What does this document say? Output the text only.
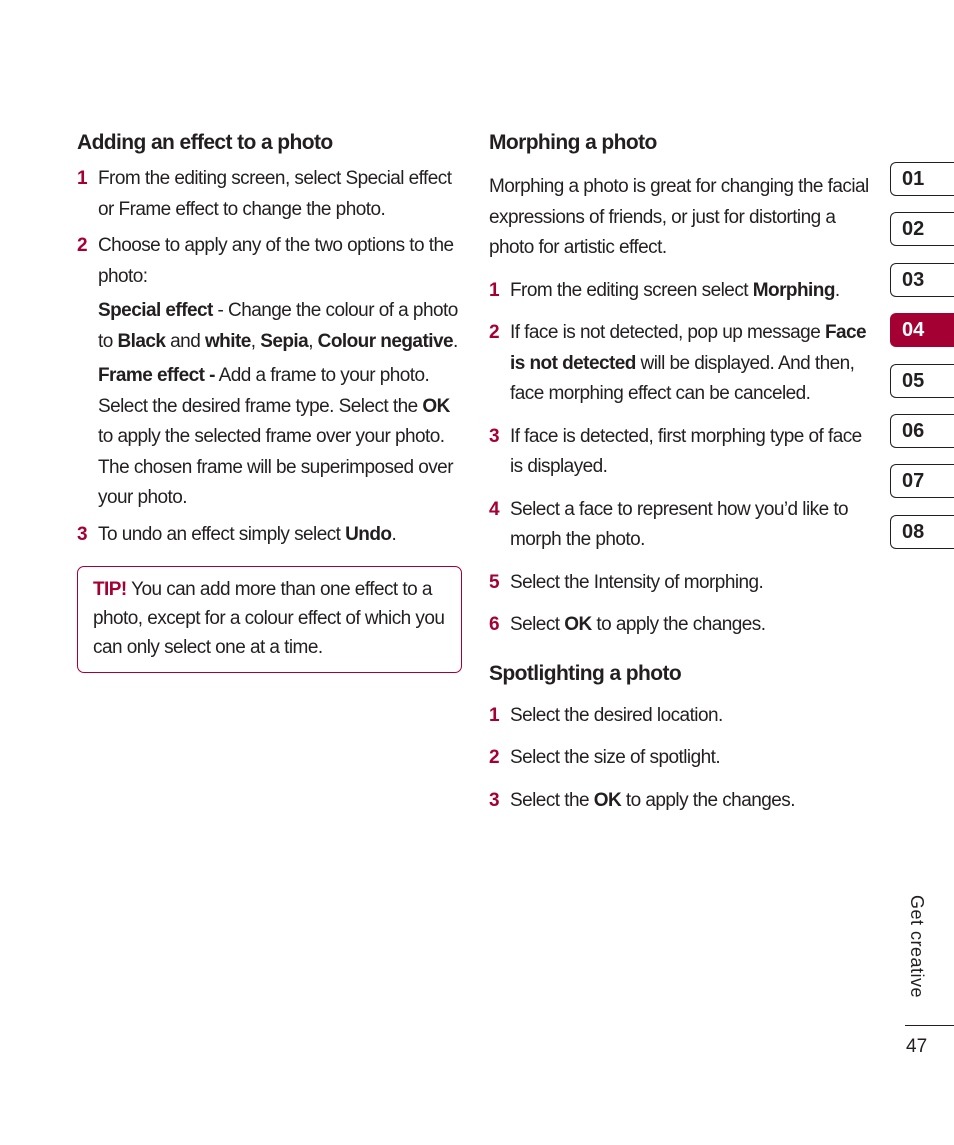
Adding an effect to a photo
1 From the editing screen, select Special effect or Frame effect to change the photo.
2 Choose to apply any of the two options to the photo:
Special effect - Change the colour of a photo to Black and white, Sepia, Colour negative.
Frame effect - Add a frame to your photo. Select the desired frame type. Select the OK to apply the selected frame over your photo. The chosen frame will be superimposed over your photo.
3 To undo an effect simply select Undo.
TIP! You can add more than one effect to a photo, except for a colour effect of which you can only select one at a time.
Morphing a photo
Morphing a photo is great for changing the facial expressions of friends, or just for distorting a photo for artistic effect.
1 From the editing screen select Morphing.
2 If face is not detected, pop up message Face is not detected will be displayed. And then, face morphing effect can be canceled.
3 If face is detected, first morphing type of face is displayed.
4 Select a face to represent how you’d like to morph the photo.
5 Select the Intensity of morphing.
6 Select OK to apply the changes.
Spotlighting a photo
1 Select the desired location.
2 Select the size of spotlight.
3 Select the OK to apply the changes.
01
02
03
04
05
06
07
08
Get creative
47
